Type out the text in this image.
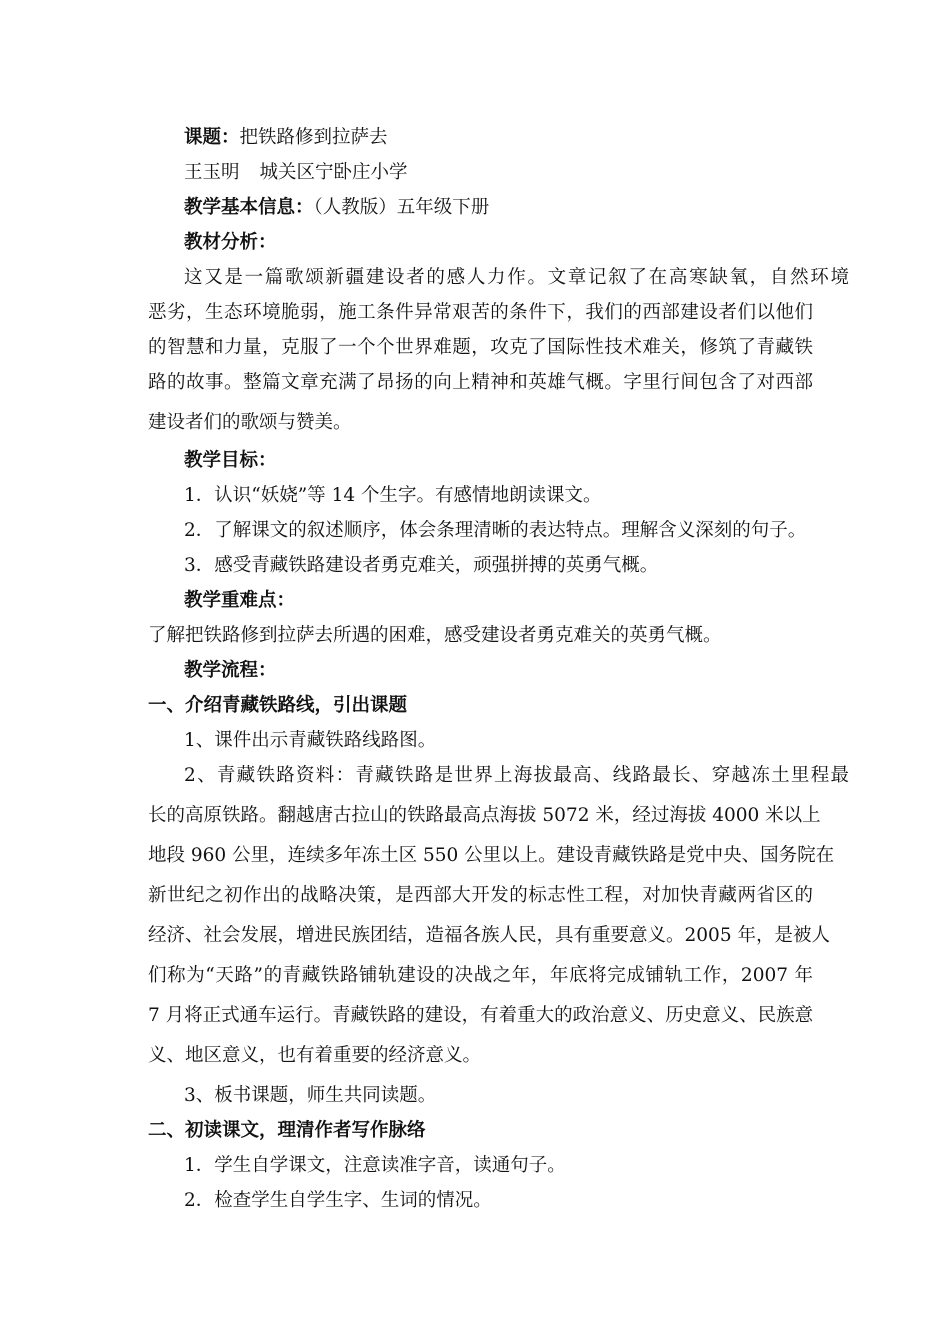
课题：把铁路修到拉萨去
王玉明 城关区宁卧庄小学
教学基本信息：（人教版）五年级下册
教材分析：
这又是一篇歌颂新疆建设者的感人力作。文章记叙了在高寒缺氧，自然环境
恶劣，生态环境脆弱，施工条件异常艰苦的条件下，我们的西部建设者们以他们
的智慧和力量，克服了一个个世界难题，攻克了国际性技术难关，修筑了青藏铁
路的故事。整篇文章充满了昂扬的向上精神和英雄气概。字里行间包含了对西部
建设者们的歌颂与赞美。
教学目标：
1．认识“妖娆”等 14 个生字。有感情地朗读课文。
2．了解课文的叙述顺序，体会条理清晰的表达特点。理解含义深刻的句子。
3．感受青藏铁路建设者勇克难关，顽强拼搏的英勇气概。
教学重难点：
了解把铁路修到拉萨去所遇的困难，感受建设者勇克难关的英勇气概。
教学流程：
一、介绍青藏铁路线，引出课题
1、课件出示青藏铁路线路图。
2、青藏铁路资料：青藏铁路是世界上海拔最高、线路最长、穿越冻土里程最
长的高原铁路。翻越唐古拉山的铁路最高点海拔 5072 米，经过海拔 4000 米以上
地段 960 公里，连续多年冻土区 550 公里以上。建设青藏铁路是党中央、国务院在
新世纪之初作出的战略决策，是西部大开发的标志性工程，对加快青藏两省区的
经济、社会发展，增进民族团结，造福各族人民，具有重要意义。2005 年，是被人
们称为“天路”的青藏铁路铺轨建设的决战之年，年底将完成铺轨工作，2007 年
7 月将正式通车运行。青藏铁路的建设，有着重大的政治意义、历史意义、民族意
义、地区意义，也有着重要的经济意义。
3、板书课题，师生共同读题。
二、初读课文，理清作者写作脉络
1．学生自学课文，注意读准字音，读通句子。
2．检查学生自学生字、生词的情况。
